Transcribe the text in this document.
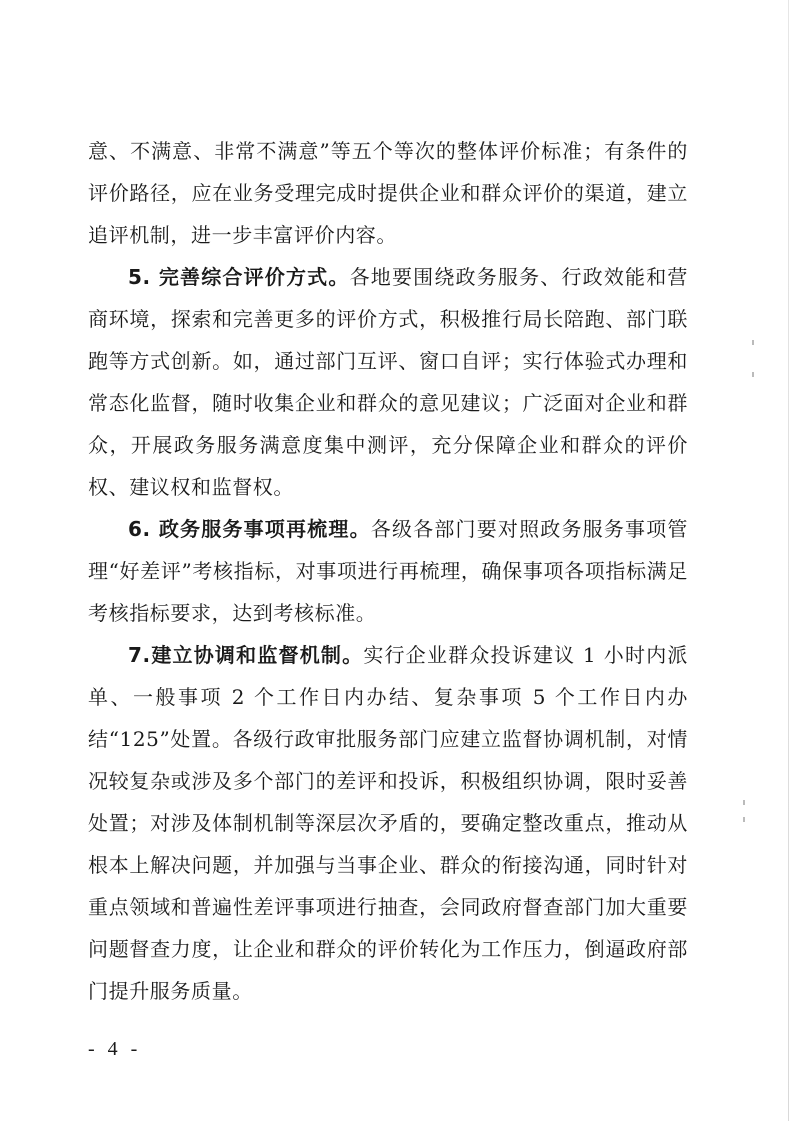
意、不满意、非常不满意”等五个等次的整体评价标准；有条件的评价路径，应在业务受理完成时提供企业和群众评价的渠道，建立追评机制，进一步丰富评价内容。

5. 完善综合评价方式。各地要围绕政务服务、行政效能和营商环境，探索和完善更多的评价方式，积极推行局长陪跑、部门联跑等方式创新。如，通过部门互评、窗口自评；实行体验式办理和常态化监督，随时收集企业和群众的意见建议；广泛面对企业和群众，开展政务服务满意度集中测评，充分保障企业和群众的评价权、建议权和监督权。

6. 政务服务事项再梳理。各级各部门要对照政务服务事项管理“好差评”考核指标，对事项进行再梳理，确保事项各项指标满足考核指标要求，达到考核标准。

7.建立协调和监督机制。实行企业群众投诉建议 1 小时内派单、一般事项 2 个工作日内办结、复杂事项 5 个工作日内办结“125”处置。各级行政审批服务部门应建立监督协调机制，对情况较复杂或涉及多个部门的差评和投诉，积极组织协调，限时妥善处置；对涉及体制机制等深层次矛盾的，要确定整改重点，推动从根本上解决问题，并加强与当事企业、群众的衔接沟通，同时针对重点领域和普遍性差评事项进行抽查，会同政府督查部门加大重要问题督查力度，让企业和群众的评价转化为工作压力，倒逼政府部门提升服务质量。

- 4 -
